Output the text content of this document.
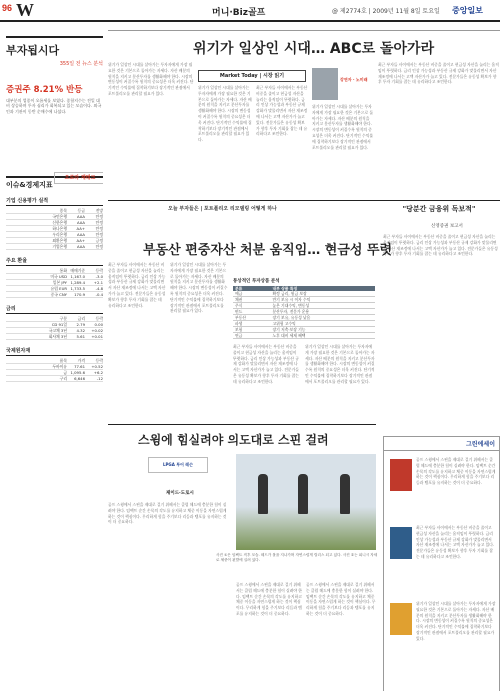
96 W	머니·Biz골프	@ 제2774호 | 2009년 11월 8일 토요일 중앙일보
부자됩시다
355일 전 뉴스 분석
증권주 8.21% 반등
대부분의 업종이 오름세를 보였다. 종합지수는 전일 대비 상승하며 투자 심리가 회복되고 있는 모습이다. 외국인과 기관이 동반 순매수에 나섰다.
오로라 재테크
이슈&경제지표
기업 신용평가 실적
종목	등급	전망
국민은행	AAA	안정
신한은행	AAA	안정
하나은행	AA+	안정
우리은행	AAA	안정
외환은행	AA+	긍정
기업은행	AAA	안정
주요 환율
통화 매매기준	등락
미국 USD 1,167.0	-3.0
일본 JPY 1,289.4	+2.1
유럽 EUR 1,733.5	-4.8
중국 CNY	170.9	-0.4
금리
구분	금리	등락
CD 91일	2.79	0.00
국고채 3년	4.32	+0.02
회사채 3년	5.61	+0.01
국제원자재
품목	가격	등락
두바이유	77.61	+0.52
금 1,095.6	+6.2
구리	6,646	-12
위기가 일상인 시대… ABC로 돌아가라
위기가 일상인 시대를 살아가는 투자자에게 가장 필요한 것은 기본으로 돌아가는 자세다. 자산 배분의 원칙을 지키고 분산투자를 생활화해야 한다. 시장의 변동성이 커질수록 원칙의 중요성은 더욱 커진다. 단기적인 수익률에 집착하기보다 장기적인 관점에서 포트폴리오를 관리할 필요가 있다.
Market Today | 시장 읽기
위기가 일상인 시대를 살아가는 투자자에게 가장 필요한 것은 기본으로 돌아가는 자세다. 자산 배분의 원칙을 지키고 분산투자를 생활화해야 한다. 시장의 변동성이 커질수록 원칙의 중요성은 더욱 커진다. 단기적인 수익률에 집착하기보다 장기적인 관점에서 포트폴리오를 관리할 필요가 있다.
최근 부자들 사이에서는 부동산 비중을 줄이고 현금성 자산을 늘리는 움직임이 뚜렷하다. 금리 인상 가능성과 부동산 규제 강화가 맞물리면서 자산 재조정에 나서는 고액 자산가가 늘고 있다. 전문가들은 유동성 확보가 향후 투자 기회를 잡는 데 유리하다고 조언한다.
강연자 · 노미래
위기가 일상인 시대를 살아가는 투자자에게 가장 필요한 것은 기본으로 돌아가는 자세다. 자산 배분의 원칙을 지키고 분산투자를 생활화해야 한다. 시장의 변동성이 커질수록 원칙의 중요성은 더욱 커진다. 단기적인 수익률에 집착하기보다 장기적인 관점에서 포트폴리오를 관리할 필요가 있다.
최근 부자들 사이에서는 부동산 비중을 줄이고 현금성 자산을 늘리는 움직임이 뚜렷하다. 금리 인상 가능성과 부동산 규제 강화가 맞물리면서 자산 재조정에 나서는 고액 자산가가 늘고 있다. 전문가들은 유동성 확보가 향후 투자 기회를 잡는 데 유리하다고 조언한다.
오늘 부자들은 | 포트폴리오 리모델링 어떻게 하나	"당분간 금융위 독보적"
신영증권 보고서
최근 부자들 사이에서는 부동산 비중을 줄이고 현금성 자산을 늘리는 움직임이 뚜렷하다. 금리 인상 가능성과 부동산 규제 강화가 맞물리면서 자산 재조정에 나서는 고액 자산가가 늘고 있다. 전문가들은 유동성 확보가 향후 투자 기회를 잡는 데 유리하다고 조언한다.
부동산 편중자산 처분 움직임… 현금성 뚜렷
최근 부자들 사이에서는 부동산 비중을 줄이고 현금성 자산을 늘리는 움직임이 뚜렷하다. 금리 인상 가능성과 부동산 규제 강화가 맞물리면서 자산 재조정에 나서는 고액 자산가가 늘고 있다. 전문가들은 유동성 확보가 향후 투자 기회를 잡는 데 유리하다고 조언한다.
위기가 일상인 시대를 살아가는 투자자에게 가장 필요한 것은 기본으로 돌아가는 자세다. 자산 배분의 원칙을 지키고 분산투자를 생활화해야 한다. 시장의 변동성이 커질수록 원칙의 중요성은 더욱 커진다. 단기적인 수익률에 집착하기보다 장기적인 관점에서 포트폴리오를 관리할 필요가 있다.
통상적인 투자상품 분석
분류	내부 상품 특징
예금	확정 금리, 원금 보장
채권	만기 보유 시 이자 수익
주식	높은 기대수익, 변동성
펀드	분산투자, 전문가 운용
부동산	장기 보유, 유동성 낮음
파생	고위험 고수익
보험	장기 저축·보장 기능
연금	노후 대비 세제 혜택
최근 부자들 사이에서는 부동산 비중을 줄이고 현금성 자산을 늘리는 움직임이 뚜렷하다. 금리 인상 가능성과 부동산 규제 강화가 맞물리면서 자산 재조정에 나서는 고액 자산가가 늘고 있다. 전문가들은 유동성 확보가 향후 투자 기회를 잡는 데 유리하다고 조언한다.
위기가 일상인 시대를 살아가는 투자자에게 가장 필요한 것은 기본으로 돌아가는 자세다. 자산 배분의 원칙을 지키고 분산투자를 생활화해야 한다. 시장의 변동성이 커질수록 원칙의 중요성은 더욱 커진다. 단기적인 수익률에 집착하기보다 장기적인 관점에서 포트폴리오를 관리할 필요가 있다.
스윙에 힘실려야 의도대로 스핀 걸려
LPGA 투어 레슨
제이드·도로시
골프 스윙에서 스핀을 제대로 걸기 위해서는 클럽 헤드에 충분한 힘이 실려야 한다. 임팩트 순간 손목의 각도를 유지하고 체중 이동을 자연스럽게 하는 것이 핵심이다. 무리하게 힘을 주기보다 리듬과 템포를 유지하는 것이 더 중요하다.
사진 ①은 임팩트 직후 모습. 헤드가 볼을 지나가며 자연스럽게 릴리스 되고 있다. 사진 ②는 피니시 자세로 체중이 왼발에 실려 있다.
골프 스윙에서 스핀을 제대로 걸기 위해서는 클럽 헤드에 충분한 힘이 실려야 한다. 임팩트 순간 손목의 각도를 유지하고 체중 이동을 자연스럽게 하는 것이 핵심이다. 무리하게 힘을 주기보다 리듬과 템포를 유지하는 것이 더 중요하다.
골프 스윙에서 스핀을 제대로 걸기 위해서는 클럽 헤드에 충분한 힘이 실려야 한다. 임팩트 순간 손목의 각도를 유지하고 체중 이동을 자연스럽게 하는 것이 핵심이다. 무리하게 힘을 주기보다 리듬과 템포를 유지하는 것이 더 중요하다.
그린에세이
골프 스윙에서 스핀을 제대로 걸기 위해서는 클럽 헤드에 충분한 힘이 실려야 한다. 임팩트 순간 손목의 각도를 유지하고 체중 이동을 자연스럽게 하는 것이 핵심이다. 무리하게 힘을 주기보다 리듬과 템포를 유지하는 것이 더 중요하다.
최근 부자들 사이에서는 부동산 비중을 줄이고 현금성 자산을 늘리는 움직임이 뚜렷하다. 금리 인상 가능성과 부동산 규제 강화가 맞물리면서 자산 재조정에 나서는 고액 자산가가 늘고 있다. 전문가들은 유동성 확보가 향후 투자 기회를 잡는 데 유리하다고 조언한다.
위기가 일상인 시대를 살아가는 투자자에게 가장 필요한 것은 기본으로 돌아가는 자세다. 자산 배분의 원칙을 지키고 분산투자를 생활화해야 한다. 시장의 변동성이 커질수록 원칙의 중요성은 더욱 커진다. 단기적인 수익률에 집착하기보다 장기적인 관점에서 포트폴리오를 관리할 필요가 있다.
